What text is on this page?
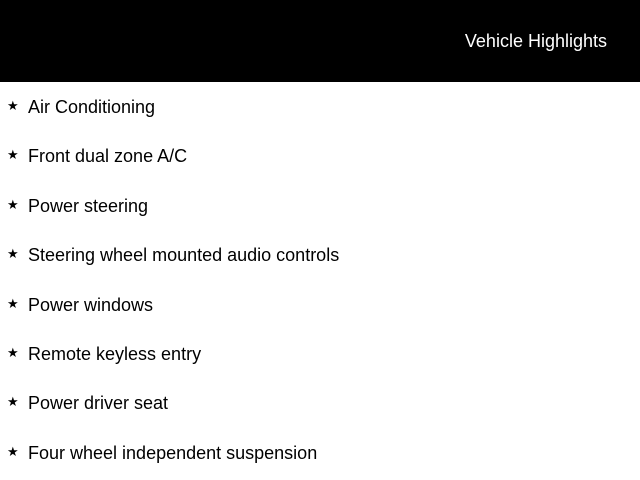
Vehicle Highlights
★ Air Conditioning
★ Front dual zone A/C
★ Power steering
★ Steering wheel mounted audio controls
★ Power windows
★ Remote keyless entry
★ Power driver seat
★ Four wheel independent suspension
